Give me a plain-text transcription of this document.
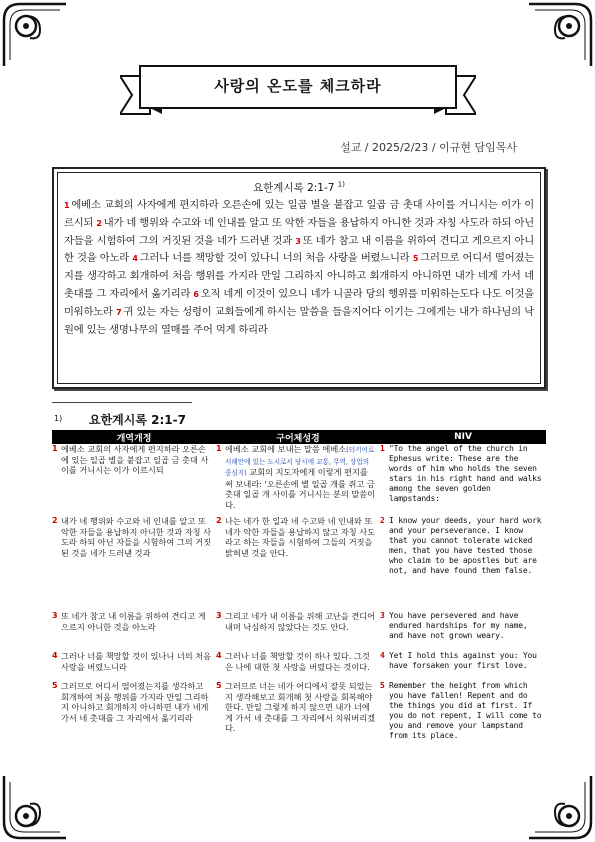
사랑의 온도를 체크하라
설교 / 2025/2/23 / 이규현 담임목사
요한계시록 2:1-7 $^{1)}$
1 에베소 교회의 사자에게 편지하라 오른손에 있는 일곱 별을 붙잡고 일곱 금 촛대 사이를 거니시는 이가 이르시되 2 내가 네 행위와 수고와 네 인내를 알고 또 악한 자들을 용납하지 아니한 것과 자칭 사도라 하되 아닌 자들을 시험하여 그의 거짓된 것을 네가 드러낸 것과 3 또 네가 참고 내 이름을 위하여 견디고 게으르지 아니한 것을 아노라 4 그러나 너를 책망할 것이 있나니 너의 처음 사랑을 버렸느니라 5 그러므로 어디서 떨어졌는지를 생각하고 회개하여 처음 행위를 가지라 만일 그리하지 아니하고 회개하지 아니하면 내가 네게 가서 네 촛대를 그 자리에서 옮기리라 6 오직 네게 이것이 있으니 네가 니골라 당의 행위를 미워하는도다 나도 이것을 미워하노라 7 귀 있는 자는 성령이 교회들에게 하시는 말씀을 들을지어다 이기는 그에게는 내가 하나님의 낙원에 있는 생명나무의 열매를 주어 먹게 하리라
1) 요한계시록 2:1-7
개역개정	구어체성경	NIV

1 에베소 교회의 사자에게 편지하라 오른손에 있는 일곱 별을 붙잡고 일곱 금 촛대 사이를 거니시는 이가 이르시되	1 에베소 교회에 보내는 말씀 에베소(터키어로 서해안에 있는 도시로서 당시에 교통, 무역, 상업의 중심지) 교회의 지도자에게 이렇게 편지를 써 보내라: '오른손에 별 일곱 개를 쥐고 금 촛대 일곱 개 사이를 거니시는 분의 말씀이다.	1 "To the angel of the church in Ephesus write: These are the words of him who holds the seven stars in his right hand and walks among the seven golden lampstands:

2 내가 네 행위와 수고와 네 인내를 알고 또 악한 자들을 용납하지 아니한 것과 자칭 사도라 하되 아닌 자들을 시험하여 그의 거짓된 것을 네가 드러낸 것과	2 나는 네가 한 일과 네 수고와 네 인내와 또 네가 악한 자들을 용납하지 않고 자칭 사도라고 하는 자들을 시험하여 그들의 거짓을 밝혀낸 것을 안다.	2 I know your deeds, your hard work and your perseverance. I know that you cannot tolerate wicked men, that you have tested those who claim to be apostles but are not, and have found them false.

3 또 네가 참고 내 이름을 위하여 견디고 게으르지 아니한 것을 아노라	3 그리고 네가 내 이름을 위해 고난을 견디어내며 낙심하지 않았다는 것도 안다.	3 You have persevered and have endured hardships for my name, and have not grown weary.

4 그러나 너를 책망할 것이 있나니 너의 처음 사랑을 버렸느니라	4 그러나 너를 책망할 것이 하나 있다. 그것은 나에 대한 첫 사랑을 버렸다는 것이다.	4 Yet I hold this against you: You have forsaken your first love.

5 그러므로 어디서 떨어졌는지를 생각하고 회개하여 처음 행위를 가지라 만일 그리하지 아니하고 회개하지 아니하면 내가 네게 가서 네 촛대를 그 자리에서 옮기리라	5 그러므로 너는 네가 어디에서 잘못 되었는지 생각해보고 회개해 첫 사랑을 회복해야 한다. 만일 그렇게 하지 않으면 내가 너에게 가서 네 촛대를 그 자리에서 치워버리겠다.	5 Remember the height from which you have fallen! Repent and do the things you did at first. If you do not repent, I will come to you and remove your lampstand from its place.
